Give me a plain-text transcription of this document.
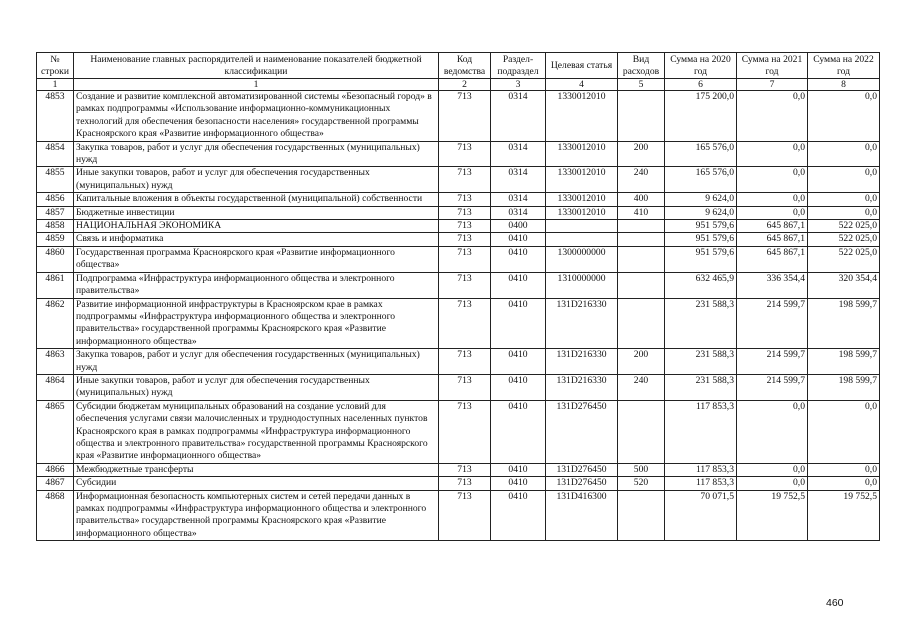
№ строки	Наименование главных распорядителей и наименование показателей бюджетной классификации	Код ведомства	Раздел-подраздел	Целевая статья	Вид расходов	Сумма на 2020 год	Сумма на 2021 год	Сумма на 2022 год
1	1	2	3	4	5	6	7	8
4853	Создание и развитие комплексной автоматизированной системы «Безопасный город» в рамках подпрограммы «Использование информационно-коммуникационных технологий для обеспечения безопасности населения» государственной программы Красноярского края «Развитие информационного общества»	713	0314	1330012010		175 200,0	0,0	0,0
4854	Закупка товаров, работ и услуг для обеспечения государственных (муниципальных) нужд	713	0314	1330012010	200	165 576,0	0,0	0,0
4855	Иные закупки товаров, работ и услуг для обеспечения государственных (муниципальных) нужд	713	0314	1330012010	240	165 576,0	0,0	0,0
4856	Капитальные вложения в объекты государственной (муниципальной) собственности	713	0314	1330012010	400	9 624,0	0,0	0,0
4857	Бюджетные инвестиции	713	0314	1330012010	410	9 624,0	0,0	0,0
4858	НАЦИОНАЛЬНАЯ ЭКОНОМИКА	713	0400			951 579,6	645 867,1	522 025,0
4859	Связь и информатика	713	0410			951 579,6	645 867,1	522 025,0
4860	Государственная программа Красноярского края «Развитие информационного общества»	713	0410	1300000000		951 579,6	645 867,1	522 025,0
4861	Подпрограмма «Инфраструктура информационного общества и электронного правительства»	713	0410	1310000000		632 465,9	336 354,4	320 354,4
4862	Развитие информационной инфраструктуры в Красноярском крае в рамках подпрограммы «Инфраструктура информационного общества и электронного правительства» государственной программы Красноярского края «Развитие информационного общества»	713	0410	131D216330		231 588,3	214 599,7	198 599,7
4863	Закупка товаров, работ и услуг для обеспечения государственных (муниципальных) нужд	713	0410	131D216330	200	231 588,3	214 599,7	198 599,7
4864	Иные закупки товаров, работ и услуг для обеспечения государственных (муниципальных) нужд	713	0410	131D216330	240	231 588,3	214 599,7	198 599,7
4865	Субсидии бюджетам муниципальных образований на создание условий для обеспечения услугами связи малочисленных и труднодоступных населенных пунктов Красноярского края в рамках подпрограммы «Инфраструктура информационного общества и электронного правительства» государственной программы Красноярского края «Развитие информационного общества»	713	0410	131D276450		117 853,3	0,0	0,0
4866	Межбюджетные трансферты	713	0410	131D276450	500	117 853,3	0,0	0,0
4867	Субсидии	713	0410	131D276450	520	117 853,3	0,0	0,0
4868	Информационная безопасность компьютерных систем и сетей передачи данных в рамках подпрограммы «Инфраструктура информационного общества и электронного правительства» государственной программы Красноярского края «Развитие информационного общества»	713	0410	131D416300		70 071,5	19 752,5	19 752,5
460
